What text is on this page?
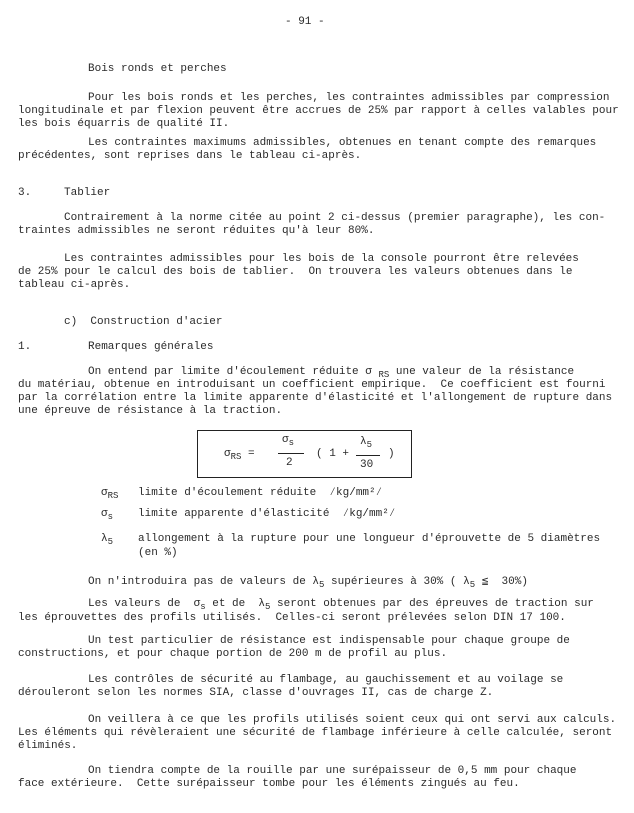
- 91 -
Bois ronds et perches
Pour les bois ronds et les perches, les contraintes admissibles par compression
longitudinale et par flexion peuvent être accrues de 25% par rapport à celles valables pour
les bois équarris de qualité II.
Les contraintes maximums admissibles, obtenues en tenant compte des remarques
précédentes, sont reprises dans le tableau ci-après.
3.	Tablier
Contrairement à la norme citée au point 2 ci-dessus (premier paragraphe), les con-
traintes admissibles ne seront réduites qu'à leur 80%.
Les contraintes admissibles pour les bois de la console pourront être relevées
de 25% pour le calcul des bois de tablier.  On trouvera les valeurs obtenues dans le
tableau ci-après.
c)  Construction d'acier
1.	Remarques générales
On entend par limite d'écoulement réduite σ $_{RS}$ une valeur de la résistance
du matériau, obtenue en introduisant un coefficient empirique.  Ce coefficient est fourni
par la corrélation entre la limite apparente d'élasticité et l'allongement de rupture dans
une épreuve de résistance à la traction.
$\sigma_{RS}$ =
$\sigma_s$
2
( 1 +
$\lambda_5$
30
)
$\sigma_{RS}$ limite d'écoulement réduite  ⁄kg/mm²⁄
$\sigma_s$ limite apparente d'élasticité  ⁄kg/mm²⁄
$\lambda_5$ allongement à la rupture pour une longueur d'éprouvette de 5 diamètres
(en %)
On n'introduira pas de valeurs de $\lambda_5$ supérieures à 30% ( $\lambda_5$ ≦  30%)
Les valeurs de  $\sigma_s$ et de  $\lambda_5$ seront obtenues par des épreuves de traction sur
les éprouvettes des profils utilisés.  Celles-ci seront prélevées selon DIN 17 100.
Un test particulier de résistance est indispensable pour chaque groupe de
constructions, et pour chaque portion de 200 m de profil au plus.
Les contrôles de sécurité au flambage, au gauchissement et au voilage se
dérouleront selon les normes SIA, classe d'ouvrages II, cas de charge Z.
On veillera à ce que les profils utilisés soient ceux qui ont servi aux calculs.
Les éléments qui révèleraient une sécurité de flambage inférieure à celle calculée, seront
éliminés.
On tiendra compte de la rouille par une surépaisseur de 0,5 mm pour chaque
face extérieure.  Cette surépaisseur tombe pour les éléments zingués au feu.
